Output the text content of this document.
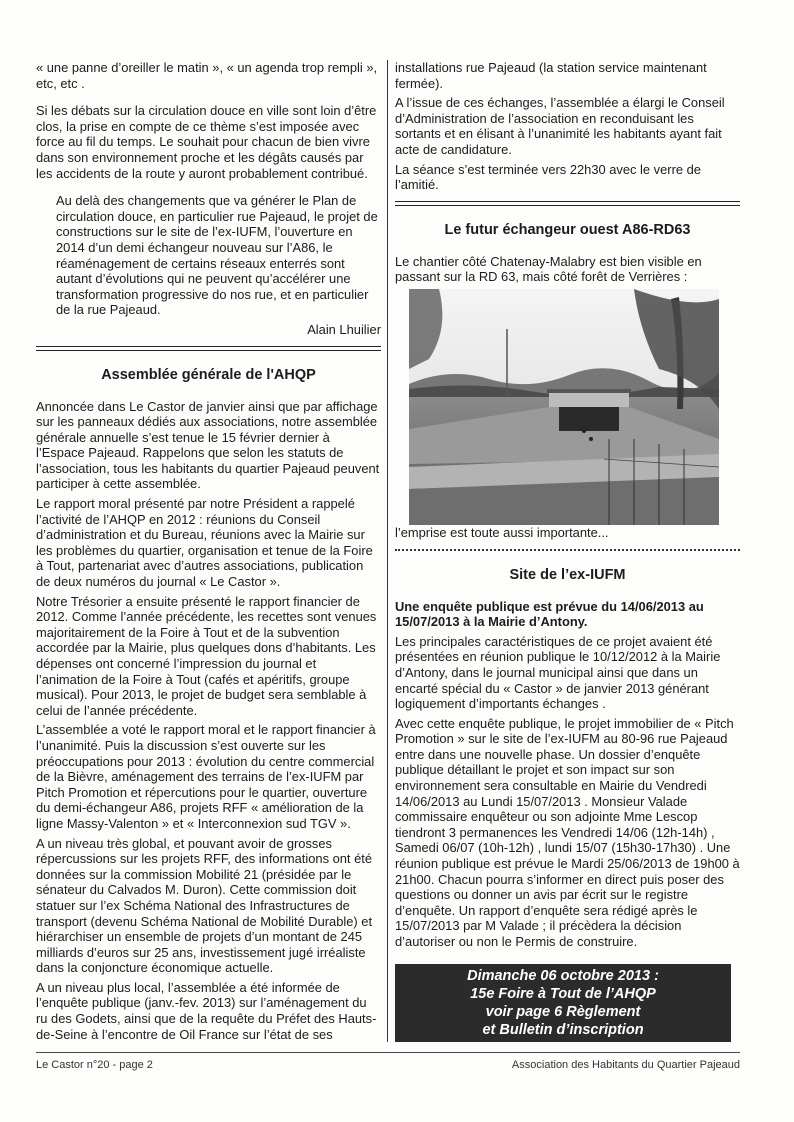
« une panne d’oreiller le matin », « un agenda trop rempli », etc, etc .

Si les débats sur la circulation douce en ville sont loin d’être clos, la prise en compte de ce thème s’est imposée avec force au fil du temps. Le souhait pour chacun de bien vivre dans son environnement proche et les dégâts causés par les accidents de la route y auront probablement contribué.

Au delà des changements que va générer le Plan de circulation douce, en particulier rue Pajeaud, le projet de constructions sur le site de l’ex-IUFM, l’ouverture en 2014 d’un demi échangeur nouveau sur l’A86, le réaménagement de certains réseaux enterrés sont autant d’évolutions qui ne peuvent qu’accélérer une transformation progressive do nos rue, et en particulier de la rue Pajeaud.

Alain Lhuilier

Assemblée générale de l'AHQP

Annoncée dans Le Castor de janvier ainsi que par affichage sur les panneaux dédiés aux associations, notre assemblée générale annuelle s’est tenue le 15 février dernier à l’Espace Pajeaud. Rappelons que selon les statuts de l’association, tous les habitants du quartier Pajeaud peuvent participer à cette assemblée.

Le rapport moral présenté par notre Président a rappelé l’activité de l’AHQP en 2012 : réunions du Conseil d’administration et du Bureau, réunions avec la Mairie sur les problèmes du quartier, organisation et tenue de la Foire à Tout, partenariat avec d’autres associations, publication de deux numéros du journal « Le Castor ».

Notre Trésorier a ensuite présenté le rapport financier de 2012. Comme l’année précédente, les recettes sont venues majoritairement de la Foire à Tout et de la subvention accordée par la Mairie, plus quelques dons d’habitants. Les dépenses ont concerné l’impression du journal et l’animation de la Foire à Tout (cafés et apéritifs, groupe musical). Pour 2013, le projet de budget sera semblable à celui de l’année précédente.

L’assemblée a voté le rapport moral et le rapport financier à l’unanimité. Puis la discussion s’est ouverte sur les préoccupations pour 2013 : évolution du centre commercial de la Bièvre, aménagement des terrains de l’ex-IUFM par Pitch Promotion et répercutions pour le quartier, ouverture du demi-échangeur A86, projets RFF « amélioration de la ligne Massy-Valenton » et « Interconnexion sud TGV ».

A un niveau très global, et pouvant avoir de grosses répercussions sur les projets RFF, des informations ont été données sur la commission Mobilité 21 (présidée par le sénateur du Calvados M. Duron). Cette commission doit statuer sur l’ex Schéma National des Infrastructures de transport (devenu Schéma National de Mobilité Durable) et hiérarchiser un ensemble de projets d’un montant de 245 milliards d’euros sur 25 ans, investissement jugé irréaliste dans la conjoncture économique actuelle.

A un niveau plus local, l’assemblée a été informée de l’enquête publique (janv.-fev. 2013) sur l’aménagement du ru des Godets, ainsi que de la requête du Préfet des Hauts-de-Seine à l’encontre de Oil France sur l’état de ses

installations rue Pajeaud (la station service maintenant fermée).

A l’issue de ces échanges, l’assemblée a élargi le Conseil d’Administration de l’association en reconduisant les sortants et en élisant à l’unanimité les habitants ayant fait acte de candidature.

La séance s’est terminée vers 22h30 avec le verre de l’amitié.

Le futur échangeur ouest A86-RD63

Le chantier côté Chatenay-Malabry est bien visible en passant sur la RD 63, mais côté forêt de Verrières :

l’emprise est toute aussi importante...

Site de l’ex-IUFM

Une enquête publique est prévue du 14/06/2013 au 15/07/2013 à la Mairie d’Antony.

Les principales caractéristiques de ce projet avaient été présentées en réunion publique le 10/12/2012 à la Mairie d’Antony, dans le journal municipal ainsi que dans un encarté spécial du « Castor » de janvier 2013 générant logiquement d’importants échanges .

Avec cette enquête publique, le projet immobilier de « Pitch Promotion » sur le site de l’ex-IUFM au 80-96 rue Pajeaud entre dans une nouvelle phase. Un dossier d’enquête publique détaillant le projet et son impact sur son environnement sera consultable en Mairie du Vendredi 14/06/2013 au Lundi 15/07/2013 . Monsieur Valade commissaire enquêteur ou son adjointe Mme Lescop tiendront 3 permanences les Vendredi 14/06 (12h-14h) , Samedi 06/07 (10h-12h) , lundi 15/07 (15h30-17h30) . Une réunion publique est prévue le Mardi 25/06/2013 de 19h00 à 21h00. Chacun pourra s’informer en direct puis poser des questions ou donner un avis par écrit sur le registre d’enquête. Un rapport d’enquête sera rédigé après le 15/07/2013 par M Valade ; il précèdera la décision d’autoriser ou non le Permis de construire.

Dimanche 06 octobre 2013 :
15e Foire à Tout de l’AHQP
voir page 6 Règlement
et Bulletin d’inscription
Le Castor n°20 - page 2	Association des Habitants du Quartier Pajeaud
